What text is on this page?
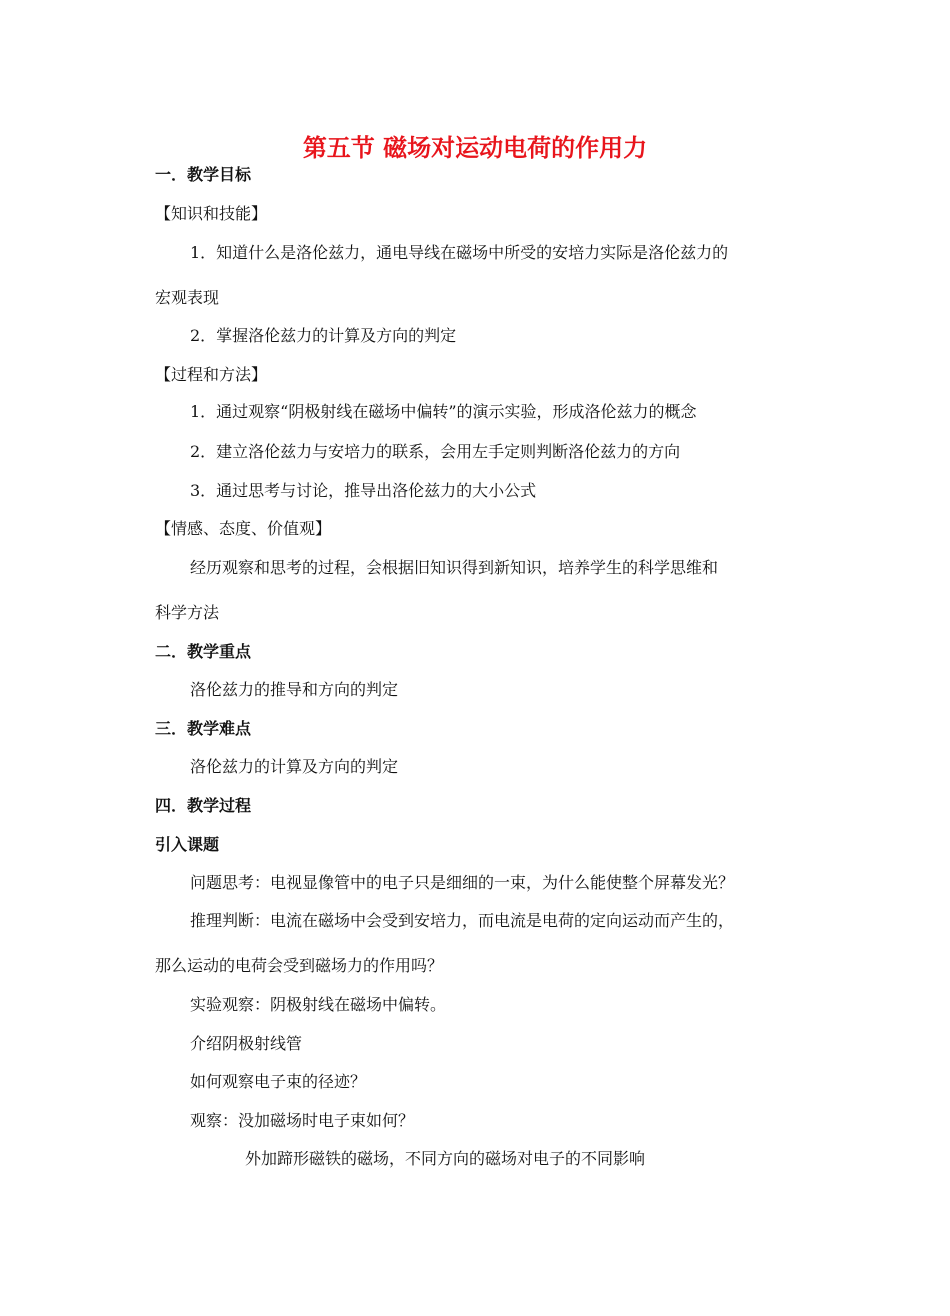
第五节 磁场对运动电荷的作用力
一．教学目标
【知识和技能】
1．知道什么是洛伦兹力，通电导线在磁场中所受的安培力实际是洛伦兹力的
宏观表现
2．掌握洛伦兹力的计算及方向的判定
【过程和方法】
1．通过观察“阴极射线在磁场中偏转”的演示实验，形成洛伦兹力的概念
2．建立洛伦兹力与安培力的联系，会用左手定则判断洛伦兹力的方向
3．通过思考与讨论，推导出洛伦兹力的大小公式
【情感、态度、价值观】
经历观察和思考的过程，会根据旧知识得到新知识，培养学生的科学思维和
科学方法
二．教学重点
洛伦兹力的推导和方向的判定
三．教学难点
洛伦兹力的计算及方向的判定
四．教学过程
引入课题
问题思考：电视显像管中的电子只是细细的一束，为什么能使整个屏幕发光？
推理判断：电流在磁场中会受到安培力，而电流是电荷的定向运动而产生的，
那么运动的电荷会受到磁场力的作用吗？
实验观察：阴极射线在磁场中偏转。
介绍阴极射线管
如何观察电子束的径迹？
观察：没加磁场时电子束如何？
外加蹄形磁铁的磁场，不同方向的磁场对电子的不同影响
